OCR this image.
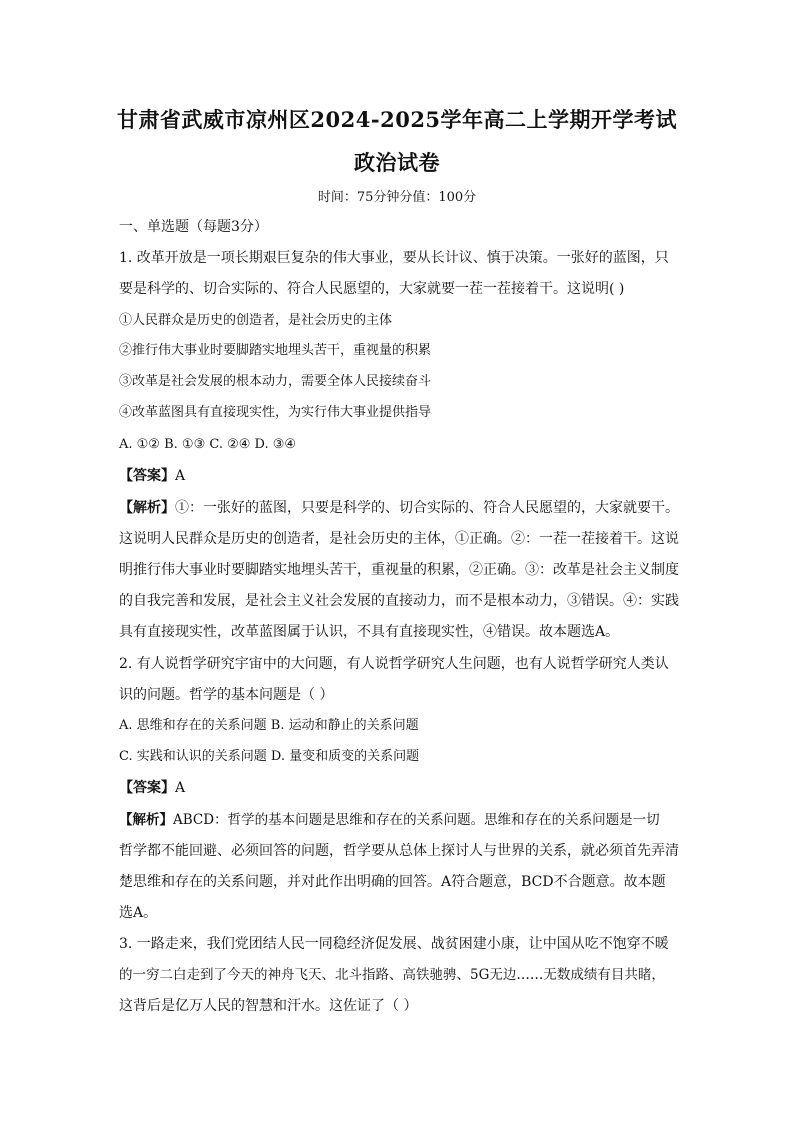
甘肃省武威市凉州区2024-2025学年高二上学期开学考试
政治试卷
时间：75分钟分值：100分
一、单选题（每题3分）
1. 改革开放是一项长期艰巨复杂的伟大事业，要从长计议、慎于决策。一张好的蓝图，只
要是科学的、切合实际的、符合人民愿望的，大家就要一茬一茬接着干。这说明( )
①人民群众是历史的创造者，是社会历史的主体
②推行伟大事业时要脚踏实地埋头苦干，重视量的积累
③改革是社会发展的根本动力，需要全体人民接续奋斗
④改革蓝图具有直接现实性，为实行伟大事业提供指导
A. ①② B. ①③ C. ②④ D. ③④
【答案】A
【解析】①：一张好的蓝图，只要是科学的、切合实际的、符合人民愿望的，大家就要干。
这说明人民群众是历史的创造者，是社会历史的主体，①正确。②：一茬一茬接着干。这说
明推行伟大事业时要脚踏实地埋头苦干，重视量的积累，②正确。③：改革是社会主义制度
的自我完善和发展，是社会主义社会发展的直接动力，而不是根本动力，③错误。④：实践
具有直接现实性，改革蓝图属于认识，不具有直接现实性，④错误。故本题选A。
2. 有人说哲学研究宇宙中的大问题，有人说哲学研究人生问题，也有人说哲学研究人类认
识的问题。哲学的基本问题是（ ）
A. 思维和存在的关系问题 B. 运动和静止的关系问题
C. 实践和认识的关系问题 D. 量变和质变的关系问题
【答案】A
【解析】ABCD：哲学的基本问题是思维和存在的关系问题。思维和存在的关系问题是一切
哲学都不能回避、必须回答的问题，哲学要从总体上探讨人与世界的关系，就必须首先弄清
楚思维和存在的关系问题，并对此作出明确的回答。A符合题意，BCD不合题意。故本题
选A。
3. 一路走来，我们党团结人民一同稳经济促发展、战贫困建小康，让中国从吃不饱穿不暖
的一穷二白走到了今天的神舟飞天、北斗指路、高铁驰骋、5G无边……无数成绩有目共睹，
这背后是亿万人民的智慧和汗水。这佐证了（ ）
